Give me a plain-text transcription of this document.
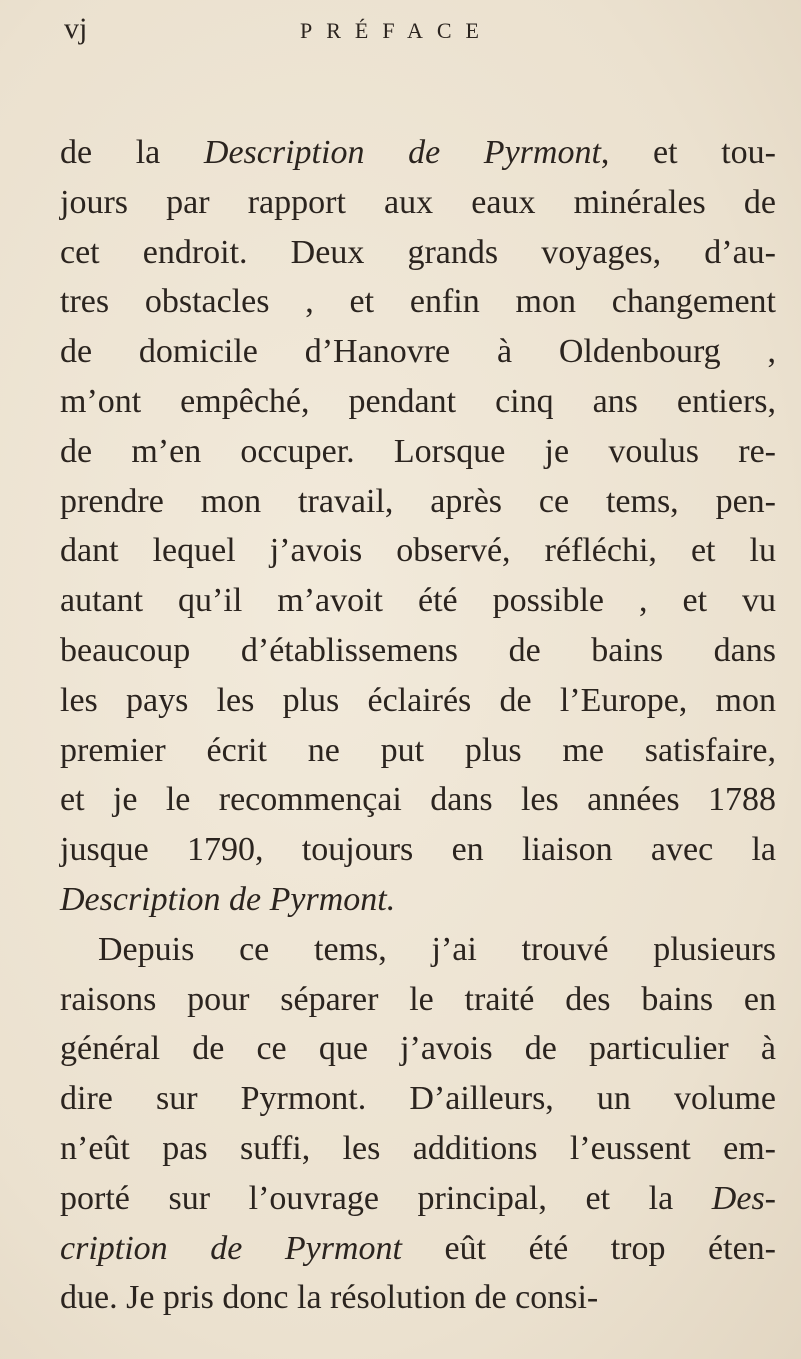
vj	PRÉFACE
de la Description de Pyrmont, et tou-
jours par rapport aux eaux minérales de
cet endroit. Deux grands voyages, d’au-
tres obstacles , et enfin mon changement
de domicile d’Hanovre à Oldenbourg ,
m’ont empêché, pendant cinq ans entiers,
de m’en occuper. Lorsque je voulus re-
prendre mon travail, après ce tems, pen-
dant lequel j’avois observé, réfléchi, et lu
autant qu’il m’avoit été possible , et vu
beaucoup d’établissemens de bains dans
les pays les plus éclairés de l’Europe, mon
premier écrit ne put plus me satisfaire,
et je le recommençai dans les années 1788
jusque 1790, toujours en liaison avec la
Description de Pyrmont.
Depuis ce tems, j’ai trouvé plusieurs
raisons pour séparer le traité des bains en
général de ce que j’avois de particulier à
dire sur Pyrmont. D’ailleurs, un volume
n’eût pas suffi, les additions l’eussent em-
porté sur l’ouvrage principal, et la Des-
cription de Pyrmont eût été trop éten-
due. Je pris donc la résolution de consi-
